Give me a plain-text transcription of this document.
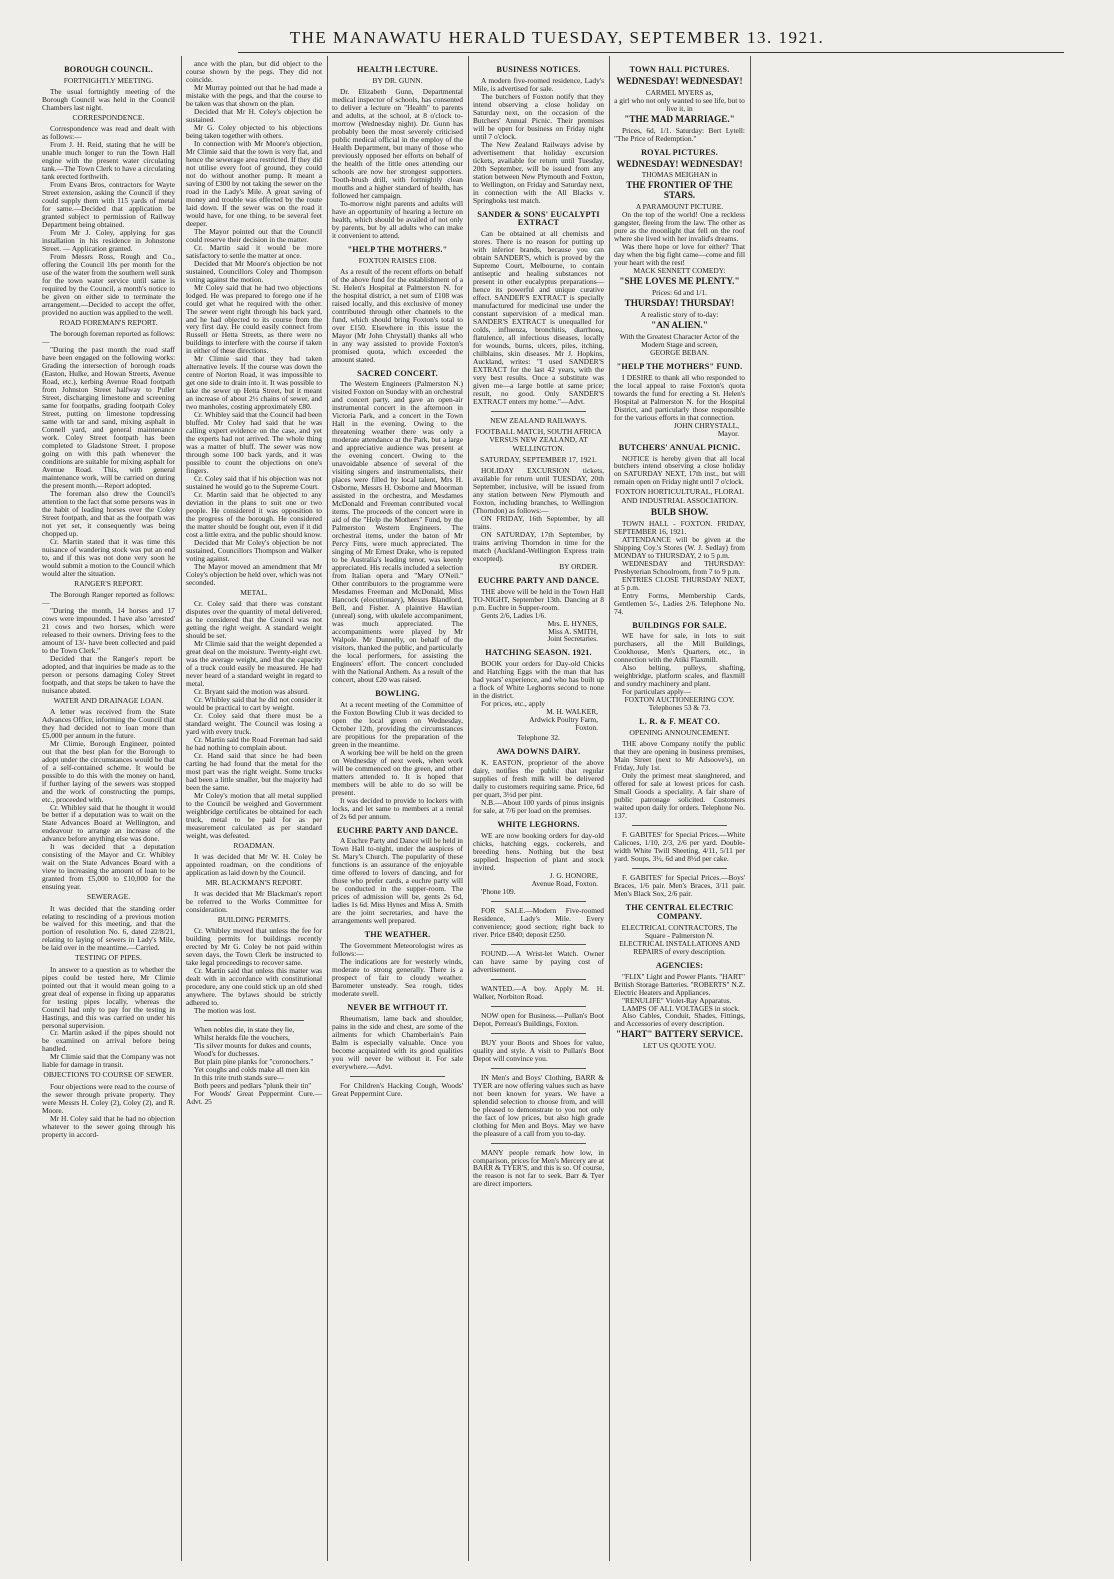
THE MANAWATU HERALD TUESDAY, SEPTEMBER 13. 1921.
BOROUGH COUNCIL.
FORTNIGHTLY MEETING.

The usual fortnightly meeting of the Borough Council was held in the Council Chambers last night.

CORRESPONDENCE.

Correspondence was read and dealt with as follows:—

From J. H. Reid, stating that he will be unable much longer to run the Town Hall engine with the present water circulating tank.—The Town Clerk to have a circulating tank erected forthwith.

From Evans Bros, contractors for Wayte Street extension, asking the Council if they could supply them with 115 yards of metal for same.—Decided that application be granted subject to permission of Railway Department being obtained.

From Mr J. Coley, applying for gas installation in his residence in Johnstone Street. — Application granted.

From Messrs Ross, Rough and Co., offering the Council 10s per month for the use of the water from the southern well sunk for the town water service until same is required by the Council, a month's notice to be given on either side to terminate the arrangement.—Decided to accept the offer, provided no auction was applied to the well.

ROAD FOREMAN'S REPORT.

The borough foreman reported as follows:—

"During the past month the road staff have been engaged on the following works: Grading the intersection of borough roads (Easton, Hulke, and Howan Streets, Avenue Road, etc.), kerbing Avenue Road footpath from Johnston Street halfway to Puller Street, discharging limestone and screening same for footpaths, grading footpath Coley Street, putting on limestone topdressing same with tar and sand, mixing asphalt in Connell yard, and general maintenance work. Coley Street footpath has been completed to Gladstone Street. I propose going on with this path whenever the conditions are suitable for mixing asphalt for Avenue Road. This, with general maintenance work, will be carried on during the present month.—Report adopted.

The foreman also drew the Council's attention to the fact that some persons was in the habit of leading horses over the Coley Street footpath, and that as the footpath was not yet set, it consequently was being chopped up.

Cr. Martin stated that it was time this nuisance of wandering stock was put an end to, and if this was not done very soon he would submit a motion to the Council which would alter the situation.

RANGER'S REPORT.

The Borough Ranger reported as follows:—

"During the month, 14 horses and 17 cows were impounded. I have also 'arrested' 21 cows and two horses, which were released to their owners. Driving fees to the amount of 13/- have been collected and paid to the Town Clerk."

Decided that the Ranger's report be adopted, and that inquiries be made as to the person or persons damaging Coley Street footpath, and that steps be taken to have the nuisance abated.

WATER AND DRAINAGE LOAN.

A letter was received from the State Advances Office, informing the Council that they had decided not to loan more than £5,000 per annum in the future.

Mr Climie, Borough Engineer, pointed out that the best plan for the Borough to adopt under the circumstances would be that of a self-contained scheme. It would be possible to do this with the money on hand, if further laying of the sewers was stopped and the work of constructing the pumps, etc., proceeded with.

Cr. Whibley said that he thought it would be better if a deputation was to wait on the State Advances Board at Wellington, and endeavour to arrange an increase of the advance before anything else was done.

It was decided that a deputation consisting of the Mayor and Cr. Whibley wait on the State Advances Board with a view to increasing the amount of loan to be granted from £5,000 to £10,000 for the ensuing year.

SEWERAGE.

It was decided that the standing order relating to rescinding of a previous motion be waived for this meeting, and that the portion of resolution No. 6, dated 22/8/21, relating to laying of sewers in Lady's Mile, be laid over in the meantime.—Carried.

TESTING OF PIPES.

In answer to a question as to whether the pipes could be tested here, Mr Climie pointed out that it would mean going to a great deal of expense in fixing up apparatus for testing pipes locally, whereas the Council had only to pay for the testing in Hastings, and this was carried on under his personal supervision.

Cr. Martin asked if the pipes should not be examined on arrival before being handled.

Mr Climie said that the Company was not liable for damage in transit.

OBJECTIONS TO COURSE OF SEWER.

Four objections were read to the course of the sewer through private property. They were Messrs H. Coley (2), Coley (2), and R. Moore.

Mr H. Coley said that he had no objection whatever to the sewer going through his property in accord-

ance with the plan, but did object to the course shown by the pegs. They did not coincide.

Mr Murray pointed out that he had made a mistake with the pegs, and that the course to be taken was that shown on the plan.

Decided that Mr H. Coley's objection be sustained.

Mr G. Coley objected to his objections being taken together with others.

In connection with Mr Moore's objection, Mr Climie said that the town is very flat, and hence the sewerage area restricted. If they did not utilise every foot of ground, they could not do without another pump. It meant a saving of £300 by not taking the sewer on the road in the Lady's Mile. A great saving of money and trouble was effected by the route laid down. If the sewer was on the road it would have, for one thing, to be several feet deeper.

The Mayor pointed out that the Council could reserve their decision in the matter.

Cr. Martin said it would be more satisfactory to settle the matter at once.

Decided that Mr Moore's objection be not sustained, Councillors Coley and Thompson voting against the motion.

Mr Coley said that he had two objections lodged. He was prepared to forego one if he could get what he required with the other. The sewer went right through his back yard, and he had objected to its course from the very first day. He could easily connect from Russell or Hetta Streets, as there were no buildings to interfere with the course if taken in either of these directions.

Mr Climie said that they had taken alternative levels. If the course was down the centre of Norton Road, it was impossible to get one side to drain into it. It was possible to take the sewer up Hetta Street, but it meant an increase of about 2½ chains of sewer, and two manholes, costing approximately £80.

Cr. Whibley said that the Council had been bluffed. Mr Coley had said that he was calling expert evidence on the case, and yet the experts had not arrived. The whole thing was a matter of bluff. The sewer was now through some 100 back yards, and it was possible to count the objections on one's fingers.

Cr. Coley said that if his objection was not sustained he would go to the Supreme Court.

Cr. Martin said that he objected to any deviation in the plans to suit one or two people. He considered it was opposition to the progress of the borough. He considered the matter should be fought out, even if it did cost a little extra, and the public should know.

Decided that Mr Coley's objection be not sustained, Councillors Thompson and Walker voting against.

The Mayor moved an amendment that Mr Coley's objection be held over, which was not seconded.

METAL.

Cr. Coley said that there was constant disputes over the quantity of metal delivered, as he considered that the Council was not getting the right weight. A standard weight should be set.

Mr Climie said that the weight depended a great deal on the moisture. Twenty-eight cwt. was the average weight, and that the capacity of a truck could easily be measured. He had never heard of a standard weight in regard to metal.

Cr. Bryant said the motion was absurd.

Cr. Whibley said that he did not consider it would be practical to cart by weight.

Cr. Coley said that there must be a standard weight. The Council was losing a yard with every truck.

Cr. Martin said the Road Foreman had said he had nothing to complain about.

Cr. Hand said that since he had been carting he had found that the metal for the most part was the right weight. Some trucks had been a little smaller, but the majority had been the same.

Mr Coley's motion that all metal supplied to the Council be weighed and Government weighbridge certificates be obtained for each truck, metal to be paid for as per measurement calculated as per standard weight, was defeated.

ROADMAN.

It was decided that Mr W. H. Coley be appointed roadman, on the conditions of application as laid down by the Council.

MR. BLACKMAN'S REPORT.

It was decided that Mr Blackman's report be referred to the Works Committee for consideration.

BUILDING PERMITS.

Cr. Whibley moved that unless the fee for building permits for buildings recently erected by Mr G. Coley be not paid within seven days, the Town Clerk be instructed to take legal proceedings to recover same.

Cr. Martin said that unless this matter was dealt with in accordance with constitutional procedure, any one could stick up an old shed anywhere. The bylaws should be strictly adhered to.

The motion was lost.

When nobles die, in state they lie,

Whilst heralds file the vouchers,

'Tis silver mounts for dukes and counts,

Wood's for duchesses.

But plain pine planks for "coronochers."

Yet coughs and colds make all men kin

In this trite truth stands sure—

Both peers and pedlars "plunk their tin"

For Woods' Great Peppermint Cure.—Advt. 25

HEALTH LECTURE.
BY DR. GUNN.

Dr. Elizabeth Gunn, Departmental medical inspector of schools, has consented to deliver a lecture on "Health" to parents and adults, at the school, at 8 o'clock to-morrow (Wednesday night). Dr. Gunn has probably been the most severely criticised public medical official in the employ of the Health Department, but many of those who previously opposed her efforts on behalf of the health of the little ones attending our schools are now her strongest supporters. Tooth-brush drill, with fortnightly clean mouths and a higher standard of health, has followed her campaign.

To-morrow night parents and adults will have an opportunity of hearing a lecture on health, which should be availed of not only by parents, but by all adults who can make it convenient to attend.

"HELP THE MOTHERS."
FOXTON RAISES £108.

As a result of the recent efforts on behalf of the above fund for the establishment of a St. Helen's Hospital at Palmerston N. for the hospital district, a net sum of £108 was raised locally, and this exclusive of money contributed through other channels to the fund, which should bring Foxton's total to over £150. Elsewhere in this issue the Mayor (Mr John Chrystall) thanks all who in any way assisted to provide Foxton's promised quota, which exceeded the amount stated.

SACRED CONCERT.

The Western Engineers (Palmerston N.) visited Foxton on Sunday with an orchestral and concert party, and gave an open-air instrumental concert in the afternoon in Victoria Park, and a concert in the Town Hall in the evening. Owing to the threatening weather there was only a moderate attendance at the Park, but a large and appreciative audience was present at the evening concert. Owing to the unavoidable absence of several of the visiting singers and instrumentalists, their places were filled by local talent, Mrs H. Osborne, Messrs H. Osborne and Moorman assisted in the orchestra, and Mesdames McDonald and Freeman contributed vocal items. The proceeds of the concert were in aid of the "Help the Mothers" Fund, by the Palmerston Western Engineers. The orchestral items, under the baton of Mr Percy Fitts, were much appreciated. The singing of Mr Ernest Drake, who is reputed to be Australia's leading tenor, was keenly appreciated. His recalls included a selection from Italian opera and "Mary O'Neil." Other contributors to the programme were Mesdames Freeman and McDonald, Miss Hancock (elocutionary), Messrs Blandford, Bell, and Fisher. A plaintive Hawiian (unreal) song, with ukulele accompaniment, was much appreciated. The accompaniments were played by Mr Walpole. Mr Dunnelly, on behalf of the visitors, thanked the public, and particularly the local performers, for assisting the Engineers' effort. The concert concluded with the National Anthem. As a result of the concert, about £20 was raised.

BOWLING.

At a recent meeting of the Committee of the Foxton Bowling Club it was decided to open the local green on Wednesday, October 12th, providing the circumstances are propitious for the preparation of the green in the meantime.

A working bee will be held on the green on Wednesday of next week, when work will be commenced on the green, and other matters attended to. It is hoped that members will be able to do so will be present.

It was decided to provide to lockers with locks, and let same to members at a rental of 2s 6d per annum.

EUCHRE PARTY AND DANCE.

A Euchre Party and Dance will be held in Town Hall to-night, under the auspices of St. Mary's Church. The popularity of these functions is an assurance of the enjoyable time offered to lovers of dancing, and for those who prefer cards, a euchre party will be conducted in the supper-room. The prices of admission will be, gents 2s 6d, ladies 1s 6d. Miss Hynes and Miss A. Smith are the joint secretaries, and have the arrangements well prepared.

THE WEATHER.

The Government Meteorologist wires as follows:—

The indications are for westerly winds, moderate to strong generally. There is a prospect of fair to cloudy weather. Barometer unsteady. Sea rough, tides moderate swell.

NEVER BE WITHOUT IT.

Rheumatism, lame back and shoulder, pains in the side and chest, are some of the ailments for which Chamberlain's Pain Balm is especially valuable. Once you become acquainted with its good qualities you will never be without it. For sale everywhere.—Advt.

For Children's Hacking Cough, Woods' Great Peppermint Cure.

BUSINESS NOTICES.

A modern five-roomed residence, Lady's Mile, is advertised for sale.

The butchers of Foxton notify that they intend observing a close holiday on Saturday next, on the occasion of the Butchers' Annual Picnic. Their premises will be open for business on Friday night until 7 o'clock.

The New Zealand Railways advise by advertisement that holiday excursion tickets, available for return until Tuesday, 20th September, will be issued from any station between New Plymouth and Foxton, to Wellington, on Friday and Saturday next, in connection with the All Blacks v. Springboks test match.

SANDER & SONS' EUCALYPTI EXTRACT

Can be obtained at all chemists and stores. There is no reason for putting up with inferior brands, because you can obtain SANDER'S, which is proved by the Supreme Court, Melbourne, to contain antiseptic and healing substances not present in other eucalyptus preparations—hence its powerful and unique curative effect. SANDER'S EXTRACT is specially manufactured for medicinal use under the constant supervision of a medical man. SANDER'S EXTRACT is unequalled for colds, influenza, bronchitis, diarrhoea, flatulence, all infectious diseases, locally for wounds, burns, ulcers, piles, itching, chilblains, skin diseases. Mr J. Hopkins, Auckland, writes: "I used SANDER'S EXTRACT for the last 42 years, with the very best results. Once a substitute was given me—a large bottle at same price; result, no good. Only SANDER'S EXTRACT enters my home."—Advt.

NEW ZEALAND RAILWAYS.
FOOTBALL MATCH, SOUTH AFRICA VERSUS NEW ZEALAND, AT WELLINGTON.
SATURDAY, SEPTEMBER 17, 1921.

HOLIDAY EXCURSION tickets, available for return until TUESDAY, 20th September, inclusive, will be issued from any station between New Plymouth and Foxton, including branches, to Wellington (Thorndon) as follows:—

ON FRIDAY, 16th September, by all trains.

ON SATURDAY, 17th September, by trains arriving Thorndon in time for the match (Auckland-Wellington Express train excepted).

BY ORDER.
EUCHRE PARTY AND DANCE.

THE above will be held in the Town Hall TO-NIGHT, September 13th. Dancing at 8 p.m. Euchre in Supper-room.

Gents 2/6, Ladies 1/6.

Mrs. E. HYNES,
Miss A. SMITH,
Joint Secretaries.
HATCHING SEASON. 1921.

BOOK your orders for Day-old Chicks and Hatching Eggs with the man that has had years' experience, and who has built up a flock of White Leghorns second to none in the district.

For prices, etc., apply

M. H. WALKER,
Ardwick Poultry Farm,
Foxton.
Telephone 32.
AWA DOWNS DAIRY.

K. EASTON, proprietor of the above dairy, notifies the public that regular supplies of fresh milk will be delivered daily to customers requiring same. Price, 6d per quart, 3½d per pint.

N.B.—About 100 yards of pinus insignis for sale, at 7/6 per load on the premises.

WHITE LEGHORNS.

WE are now booking orders for day-old chicks, hatching eggs, cockerels, and breeding hens. Nothing but the best supplied. Inspection of plant and stock invited.

J. G. HONORE,
Avenue Road, Foxton.

'Phone 109.

FOR SALE.—Modern Five-roomed Residence, Lady's Mile. Every convenience; good section; right back to river. Price £840; deposit £250.

FOUND.—A Wrist-let Watch. Owner can have same by paying cost of advertisement.

WANTED.—A boy. Apply M. H. Walker, Norbiton Road.

NOW open for Business.—Pullan's Boot Depot, Perreau's Buildings, Foxton.

BUY your Boots and Shoes for value, quality and style. A visit to Pullan's Boot Depot will convince you.

IN Men's and Boys' Clothing, BARR & TYER are now offering values such as have not been known for years. We have a splendid selection to choose from, and will be pleased to demonstrate to you not only the fact of low prices, but also high grade clothing for Men and Boys. May we have the pleasure of a call from you to-day.

MANY people remark how low, in comparison, prices for Men's Mercery are at BARR & TYER'S, and this is so. Of course, the reason is not far to seek. Barr & Tyer are direct importers.

TOWN HALL PICTURES.
WEDNESDAY! WEDNESDAY!

CARMEL MYERS as,

a girl who not only wanted to see life, but to live it, in

"THE MAD MARRIAGE."

Prices, 6d, 1/1. Saturday: Bert Lytell: "The Price of Redemption."

ROYAL PICTURES.
WEDNESDAY! WEDNESDAY!

THOMAS MEIGHAN in

THE FRONTIER OF THE STARS.

A PARAMOUNT PICTURE.

On the top of the world! One a reckless gangster, fleeing from the law. The other as pure as the moonlight that fell on the roof where she lived with her invalid's dreams.

Was there hope or love for either? That day when the big fight came—come and fill your heart with the rest!

MACK SENNETT COMEDY:

"SHE LOVES ME PLENTY."

Prices: 6d and 1/1.

THURSDAY! THURSDAY!

A realistic story of to-day:

"AN ALIEN."

With the Greatest Character Actor of the Modern Stage and screen,

GEORGE BEBAN.

"HELP THE MOTHERS" FUND.

I DESIRE to thank all who responded to the local appeal to raise Foxton's quota towards the fund for erecting a St. Helen's Hospital at Palmerston N. for the Hospital District, and particularly those responsible for the various efforts in that connection.

JOHN CHRYSTALL,
Mayor.
BUTCHERS' ANNUAL PICNIC.

NOTICE is hereby given that all local butchers intend observing a close holiday on SATURDAY NEXT, 17th inst., but will remain open on Friday night until 7 o'clock.

FOXTON HORTICULTURAL, FLORAL AND INDUSTRIAL ASSOCIATION.
BULB SHOW.

TOWN HALL - FOXTON. FRIDAY, SEPTEMBER 16, 1921.

ATTENDANCE will be given at the Shipping Coy.'s Stores (W. J. Sedlay) from MONDAY to THURSDAY, 2 to 5 p.m.

WEDNESDAY and THURSDAY: Presbyterian Schoolroom, from 7 to 9 p.m.

ENTRIES CLOSE THURSDAY NEXT, at 5 p.m.

Entry Forms, Membership Cards, Gentlemen 5/-, Ladies 2/6. Telephone No. 74.

BUILDINGS FOR SALE.

WE have for sale, in lots to suit purchasers, all the Mill Buildings, Cookhouse, Men's Quarters, etc., in connection with the Atiki Flaxmill.

Also belting, pulleys, shafting, weighbridge, platform scales, and flaxmill and sundry machinery and plant.

For particulars apply—

FOXTON AUCTIONEERING COY. Telephones 53 & 73.

L. R. & F. MEAT CO.
OPENING ANNOUNCEMENT.

THE above Company notify the public that they are opening in business premises, Main Street (next to Mr Adsoove's), on Friday, July 1st.

Only the primest meat slaughtered, and offered for sale at lowest prices for cash. Small Goods a speciality. A fair share of public patronage solicited. Customers waited upon daily for orders. Telephone No. 137.

F. GABITES' for Special Prices.—White Calicoes, 1/10, 2/3, 2/6 per yard. Double-width White Twill Sheeting, 4/11, 5/11 per yard. Soups, 3½, 6d and 8½d per cake.

F. GABITES' for Special Prices.—Boys' Braces, 1/6 pair. Men's Braces, 3/11 pair. Men's Black Sox, 2/6 pair.

THE CENTRAL ELECTRIC COMPANY.

ELECTRICAL CONTRACTORS, The Square - Palmerston N.

ELECTRICAL INSTALLATIONS AND REPAIRS of every description.

AGENCIES:

"FLIX" Light and Power Plants. "HART" British Storage Batteries. "ROBERTS" N.Z. Electric Heaters and Appliances.

"RENULIFE" Violet-Ray Apparatus.

LAMPS OF ALL VOLTAGES in stock.

Also Cables, Conduit, Shades, Fittings, and Accessories of every description.

"HART" BATTERY SERVICE.
LET US QUOTE YOU.
